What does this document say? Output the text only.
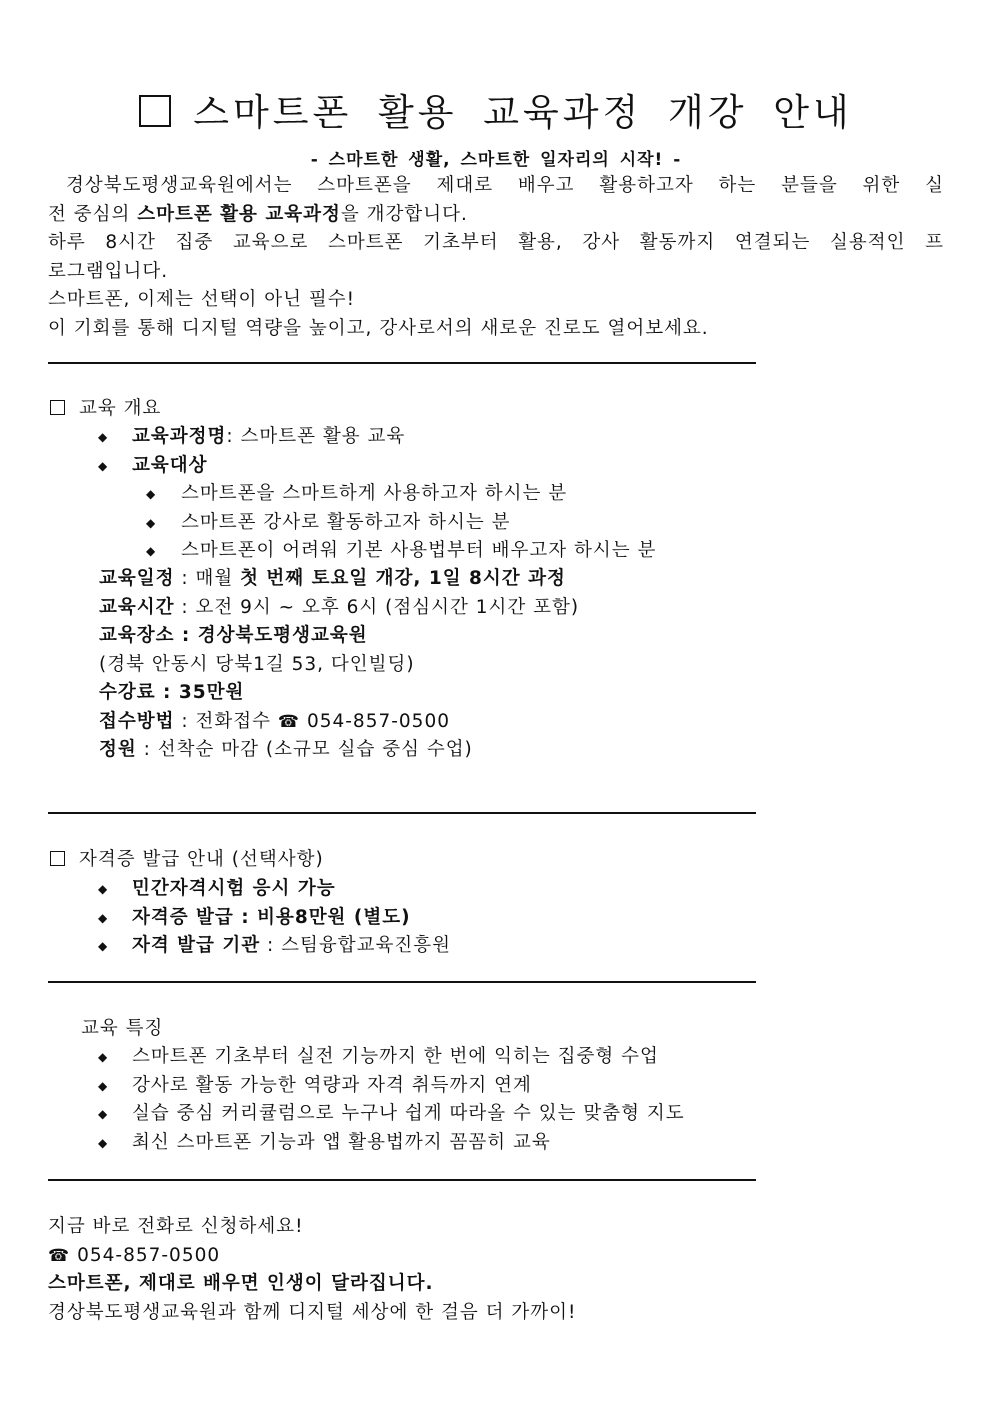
스마트폰 활용 교육과정 개강 안내
- 스마트한 생활, 스마트한 일자리의 시작! -

경상북도평생교육원에서는 스마트폰을 제대로 배우고 활용하고자 하는 분들을 위한 실

전 중심의 스마트폰 활용 교육과정을 개강합니다.

하루 8시간 집중 교육으로 스마트폰 기초부터 활용, 강사 활동까지 연결되는 실용적인 프

로그램입니다.

스마트폰, 이제는 선택이 아닌 필수!

이 기회를 통해 디지털 역량을 높이고, 강사로서의 새로운 진로도 열어보세요.

교육 개요
◆ 교육과정명: 스마트폰 활용 교육
◆ 교육대상
◆ 스마트폰을 스마트하게 사용하고자 하시는 분
◆ 스마트폰 강사로 활동하고자 하시는 분
◆ 스마트폰이 어려워 기본 사용법부터 배우고자 하시는 분
교육일정 : 매월 첫 번째 토요일 개강, 1일 8시간 과정
교육시간 : 오전 9시 ~ 오후 6시 (점심시간 1시간 포함)
교육장소 : 경상북도평생교육원
(경북 안동시 당북1길 53, 다인빌딩)
수강료 : 35만원
접수방법 : 전화접수 ☎ 054-857-0500
정원 : 선착순 마감 (소규모 실습 중심 수업)
자격증 발급 안내 (선택사항)
◆ 민간자격시험 응시 가능
◆ 자격증 발급 : 비용8만원 (별도)
◆ 자격 발급 기관 : 스팀융합교육진흥원
교육 특징
◆ 스마트폰 기초부터 실전 기능까지 한 번에 익히는 집중형 수업
◆ 강사로 활동 가능한 역량과 자격 취득까지 연계
◆ 실습 중심 커리큘럼으로 누구나 쉽게 따라올 수 있는 맞춤형 지도
◆ 최신 스마트폰 기능과 앱 활용법까지 꼼꼼히 교육
지금 바로 전화로 신청하세요!
☎ 054-857-0500
스마트폰, 제대로 배우면 인생이 달라집니다.
경상북도평생교육원과 함께 디지털 세상에 한 걸음 더 가까이!
